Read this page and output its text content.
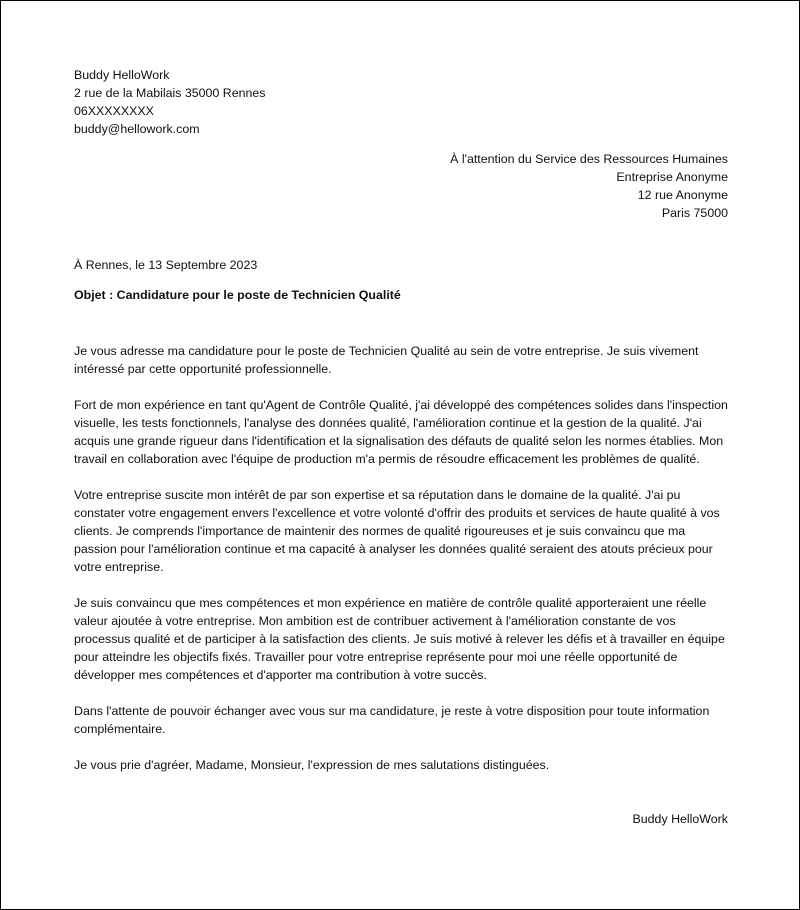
Buddy HelloWork

2 rue de la Mabilais 35000 Rennes

06XXXXXXXX

buddy@hellowork.com

À l'attention du Service des Ressources Humaines

Entreprise Anonyme

12 rue Anonyme

Paris 75000

À Rennes, le 13 Septembre 2023
Objet : Candidature pour le poste de Technicien Qualité

Je vous adresse ma candidature pour le poste de Technicien Qualité au sein de votre entreprise. Je suis vivement intéressé par cette opportunité professionnelle.

Fort de mon expérience en tant qu'Agent de Contrôle Qualité, j'ai développé des compétences solides dans l'inspection visuelle, les tests fonctionnels, l'analyse des données qualité, l'amélioration continue et la gestion de la qualité. J'ai acquis une grande rigueur dans l'identification et la signalisation des défauts de qualité selon les normes établies. Mon travail en collaboration avec l'équipe de production m'a permis de résoudre efficacement les problèmes de qualité.

Votre entreprise suscite mon intérêt de par son expertise et sa réputation dans le domaine de la qualité. J'ai pu constater votre engagement envers l'excellence et votre volonté d'offrir des produits et services de haute qualité à vos clients. Je comprends l'importance de maintenir des normes de qualité rigoureuses et je suis convaincu que ma passion pour l'amélioration continue et ma capacité à analyser les données qualité seraient des atouts précieux pour votre entreprise.

Je suis convaincu que mes compétences et mon expérience en matière de contrôle qualité apporteraient une réelle valeur ajoutée à votre entreprise. Mon ambition est de contribuer activement à l'amélioration constante de vos processus qualité et de participer à la satisfaction des clients. Je suis motivé à relever les défis et à travailler en équipe pour atteindre les objectifs fixés. Travailler pour votre entreprise représente pour moi une réelle opportunité de développer mes compétences et d'apporter ma contribution à votre succès.

Dans l'attente de pouvoir échanger avec vous sur ma candidature, je reste à votre disposition pour toute information complémentaire.

Je vous prie d'agréer, Madame, Monsieur, l'expression de mes salutations distinguées.

Buddy HelloWork
